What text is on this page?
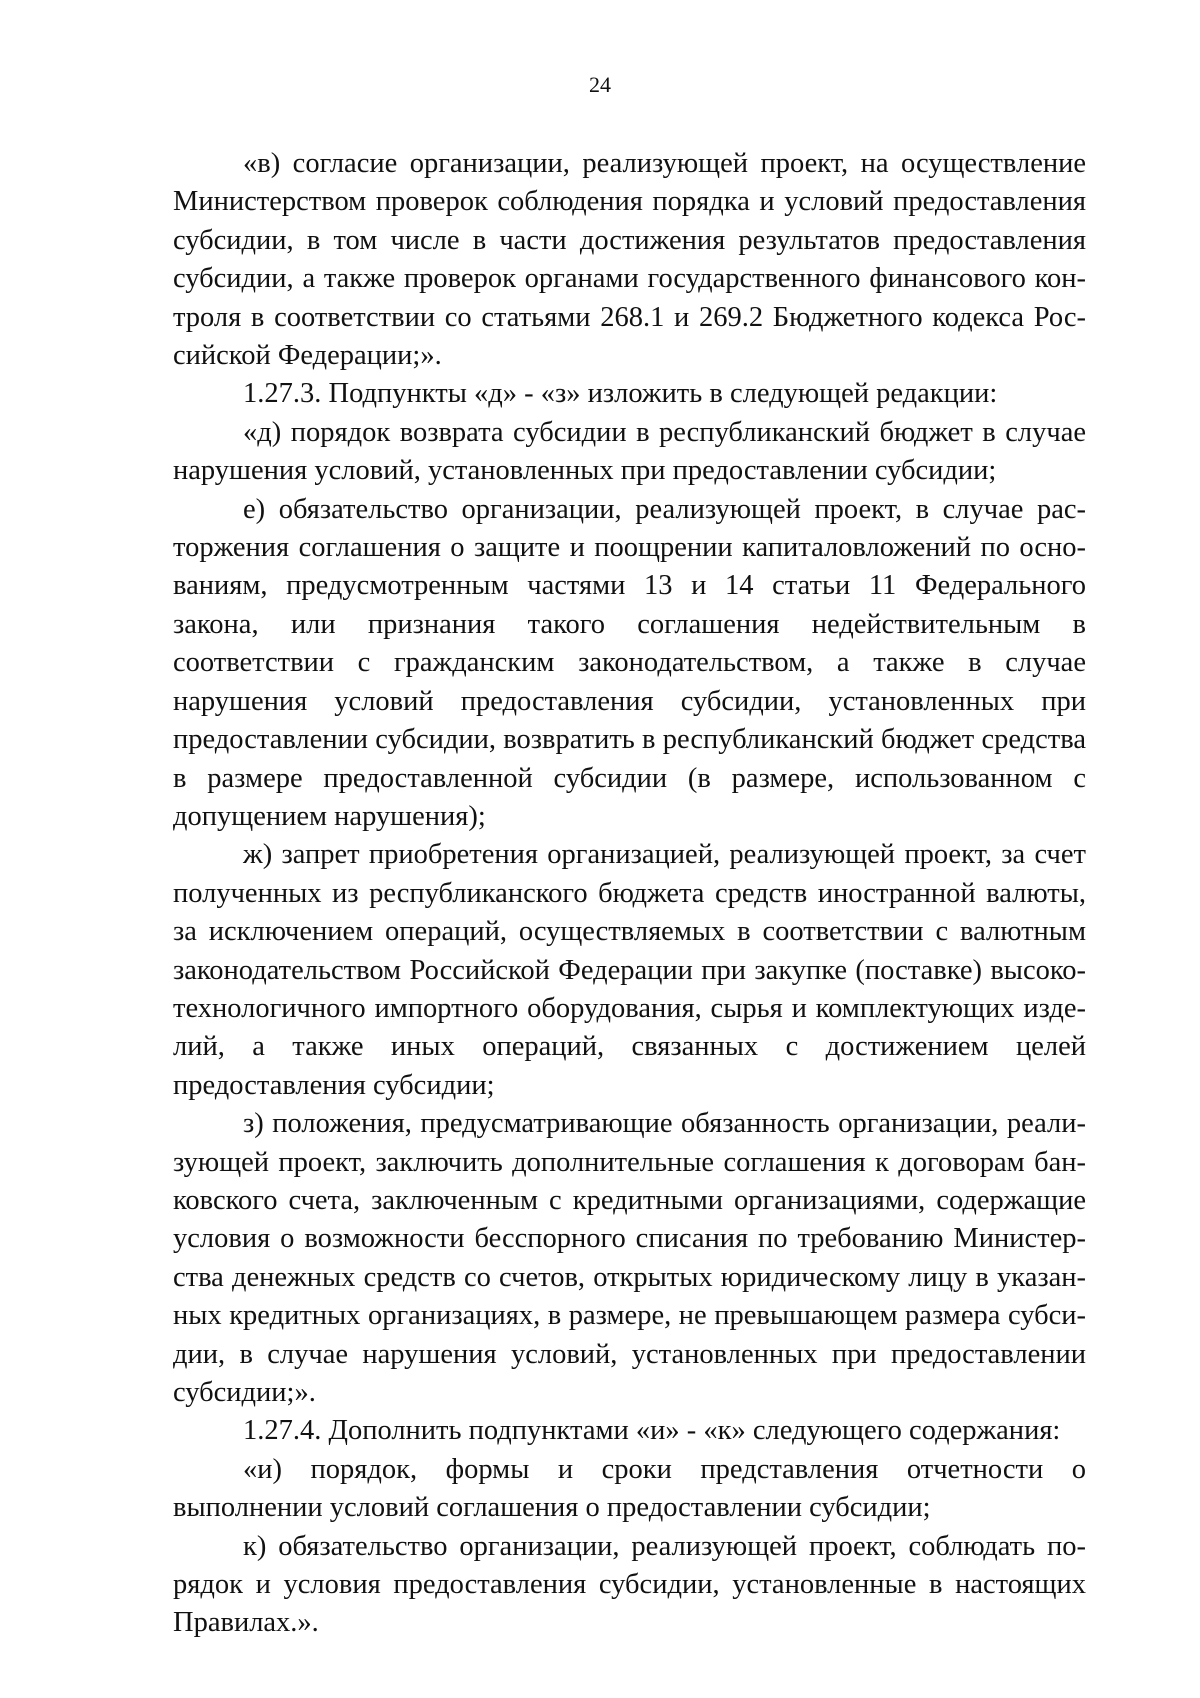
24

«в) согласие организации, реализующей проект, на осуществление Министерством проверок соблюдения порядка и условий предоставления субсидии, в том числе в части достижения результатов предоставления субсидии, а также проверок органами государственного финансового контроля в соответствии со статьями 268.1 и 269.2 Бюджетного кодекса Российской Федерации;».

1.27.3. Подпункты «д» - «з» изложить в следующей редакции:

«д) порядок возврата субсидии в республиканский бюджет в случае нарушения условий, установленных при предоставлении субсидии;

е) обязательство организации, реализующей проект, в случае расторжения соглашения о защите и поощрении капиталовложений по основаниям, предусмотренным частями 13 и 14 статьи 11 Федерального закона, или признания такого соглашения недействительным в соответствии с гражданским законодательством, а также в случае нарушения условий предоставления субсидии, установленных при предоставлении субсидии, возвратить в республиканский бюджет средства в размере предоставленной субсидии (в размере, использованном с допущением нарушения);

ж) запрет приобретения организацией, реализующей проект, за счет полученных из республиканского бюджета средств иностранной валюты, за исключением операций, осуществляемых в соответствии с валютным законодательством Российской Федерации при закупке (поставке) высокотехнологичного импортного оборудования, сырья и комплектующих изделий, а также иных операций, связанных с достижением целей предоставления субсидии;

з) положения, предусматривающие обязанность организации, реализующей проект, заключить дополнительные соглашения к договорам банковского счета, заключенным с кредитными организациями, содержащие условия о возможности бесспорного списания по требованию Министерства денежных средств со счетов, открытых юридическому лицу в указанных кредитных организациях, в размере, не превышающем размера субсидии, в случае нарушения условий, установленных при предоставлении субсидии;».

1.27.4. Дополнить подпунктами «и» - «к» следующего содержания:

«и) порядок, формы и сроки представления отчетности о выполнении условий соглашения о предоставлении субсидии;

к) обязательство организации, реализующей проект, соблюдать порядок и условия предоставления субсидии, установленные в настоящих Правилах.».
